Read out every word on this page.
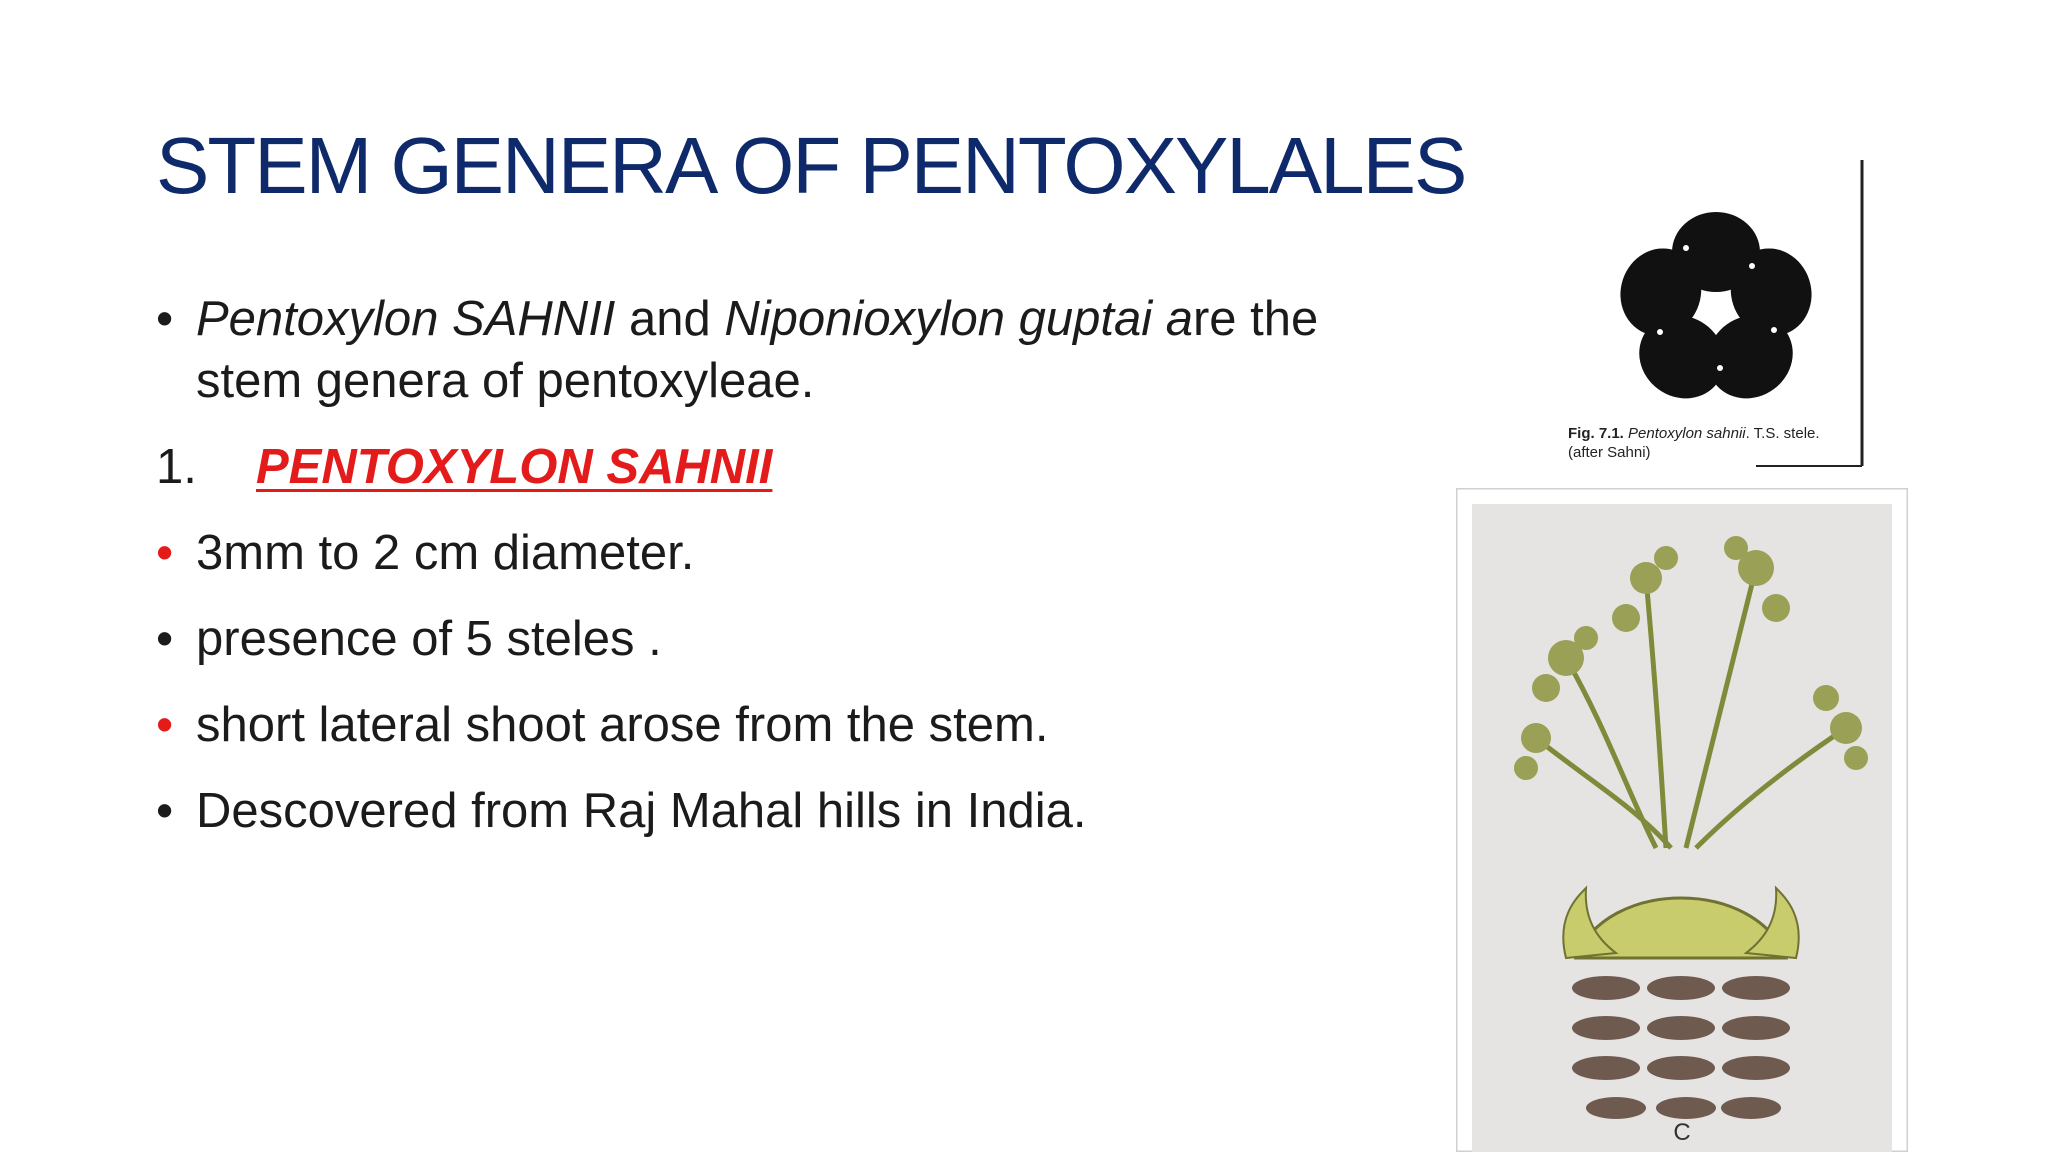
STEM GENERA OF PENTOXYLALES
• Pentoxylon SAHNII and Niponioxylon guptai are the stem genera of pentoxyleae.
1. PENTOXYLON SAHNII
• 3mm to 2 cm diameter.
• presence of 5 steles .
• short lateral shoot arose from the stem.
• Descovered from Raj Mahal hills in India.
Fig. 7.1. Pentoxylon sahnii. T.S. stele.
(after Sahni)
C
